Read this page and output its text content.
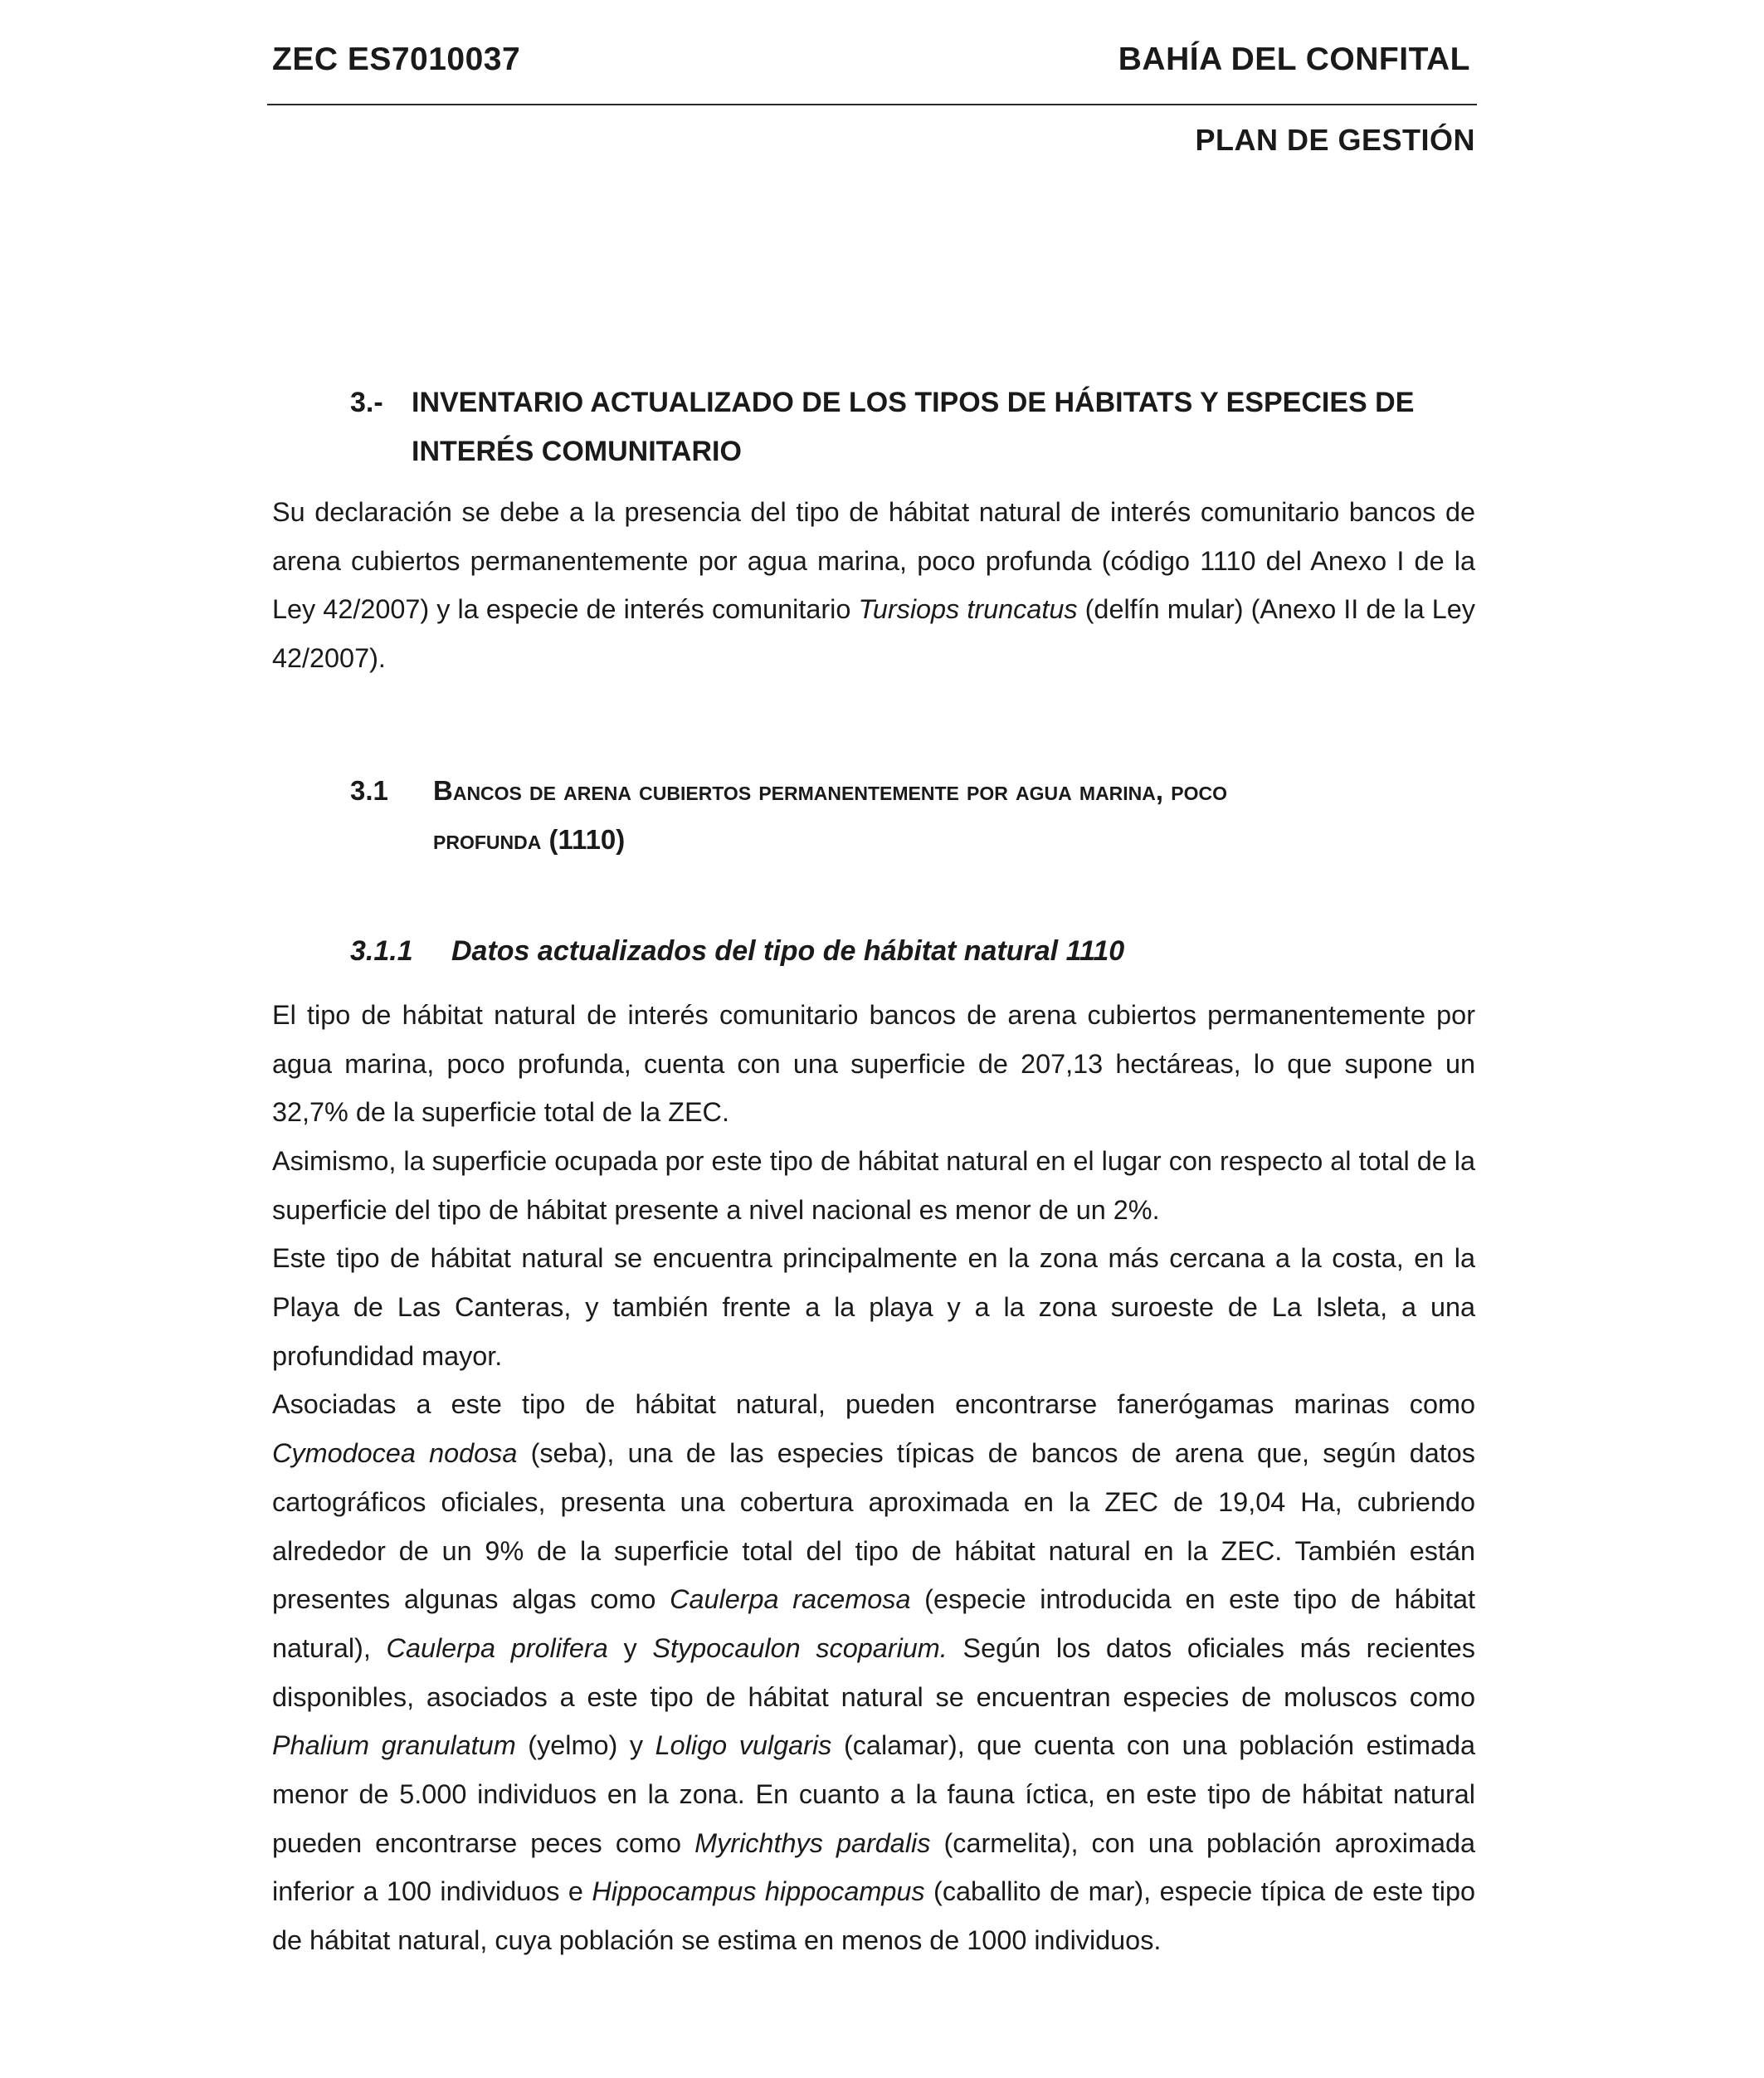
ZEC ES7010037	BAHÍA DEL CONFITAL
PLAN DE GESTIÓN
3.-	INVENTARIO ACTUALIZADO DE LOS TIPOS DE HÁBITATS Y ESPECIES DE
INTERÉS COMUNITARIO

Su declaración se debe a la presencia del tipo de hábitat natural de interés comunitario bancos de arena cubiertos permanentemente por agua marina, poco profunda (código 1110 del Anexo I de la Ley 42/2007) y la especie de interés comunitario Tursiops truncatus (delfín mular) (Anexo II de la Ley 42/2007).

3.1	Bancos de arena cubiertos permanentemente por agua marina, poco
profunda (1110)
3.1.1	Datos actualizados del tipo de hábitat natural 1110

El tipo de hábitat natural de interés comunitario bancos de arena cubiertos permanentemente por agua marina, poco profunda, cuenta con una superficie de 207,13 hectáreas, lo que supone un 32,7% de la superficie total de la ZEC.

Asimismo, la superficie ocupada por este tipo de hábitat natural en el lugar con respecto al total de la superficie del tipo de hábitat presente a nivel nacional es menor de un 2%.

Este tipo de hábitat natural se encuentra principalmente en la zona más cercana a la costa, en la Playa de Las Canteras, y también frente a la playa y a la zona suroeste de La Isleta, a una profundidad mayor.

Asociadas a este tipo de hábitat natural, pueden encontrarse fanerógamas marinas como Cymodocea nodosa (seba), una de las especies típicas de bancos de arena que, según datos cartográficos oficiales, presenta una cobertura aproximada en la ZEC de 19,04 Ha, cubriendo alrededor de un 9% de la superficie total del tipo de hábitat natural en la ZEC. También están presentes algunas algas como Caulerpa racemosa (especie introducida en este tipo de hábitat natural), Caulerpa prolifera y Stypocaulon scoparium. Según los datos oficiales más recientes disponibles, asociados a este tipo de hábitat natural se encuentran especies de moluscos como Phalium granulatum (yelmo) y Loligo vulgaris (calamar), que cuenta con una población estimada menor de 5.000 individuos en la zona. En cuanto a la fauna íctica, en este tipo de hábitat natural pueden encontrarse peces como Myrichthys pardalis (carmelita), con una población aproximada inferior a 100 individuos e Hippocampus hippocampus (caballito de mar), especie típica de este tipo de hábitat natural, cuya población se estima en menos de 1000 individuos.
